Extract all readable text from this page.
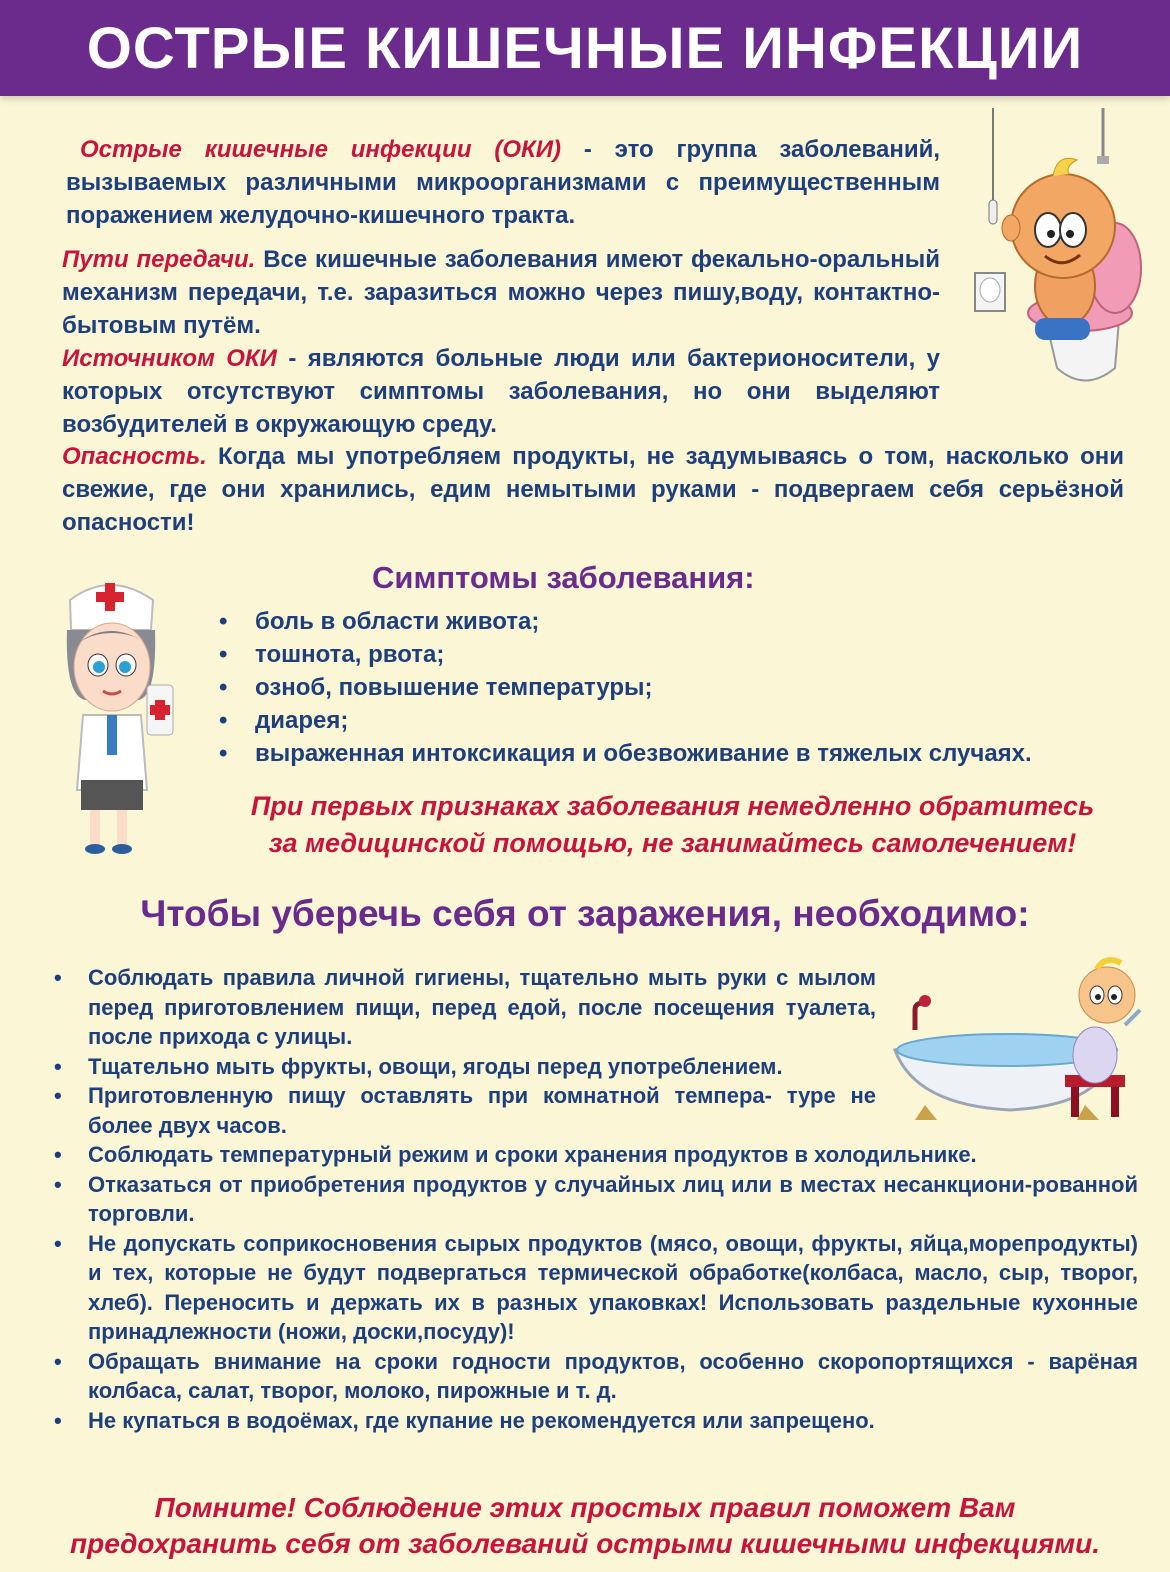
ОСТРЫЕ КИШЕЧНЫЕ ИНФЕКЦИИ

Острые кишечные инфекции (ОКИ) - это группа заболеваний, вызываемых различными микроорганизмами с преимущественным поражением желудочно-кишечного тракта.

Пути передачи. Все кишечные заболевания имеют фекально-оральный механизм передачи, т.е. заразиться можно через пишу,воду, контактно-бытовым путём.

Источником ОКИ - являются больные люди или бактерионосители, у которых отсутствуют симптомы заболевания, но они выделяют возбудителей в окружающую среду.

Опасность. Когда мы употребляем продукты, не задумываясь о том, насколько они свежие, где они хранились, едим немытыми руками - подвергаем себя серьёзной опасности!

Симптомы заболевания:
• боль в области живота;
• тошнота, рвота;
• озноб, повышение температуры;
• диарея;
• выраженная интоксикация и обезвоживание в тяжелых случаях.

При первых признаках заболевания немедленно обратитесь
за медицинской помощью, не занимайтесь самолечением!

Чтобы уберечь себя от заражения, необходимо:
• Соблюдать правила личной гигиены, тщательно мыть руки с мылом перед приготовлением пищи, перед едой, после посещения туалета, после прихода с улицы.
• Тщательно мыть фрукты, овощи, ягоды перед употреблением.
• Приготовленную пищу оставлять при комнатной темпера- туре не более двух часов.
• Соблюдать температурный режим и сроки хранения продуктов в холодильнике.
• Отказаться от приобретения продуктов у случайных лиц или в местах несанкциони-рованной торговли.
• Не допускать соприкосновения сырых продуктов (мясо, овощи, фрукты, яйца,морепродукты) и тех, которые не будут подвергаться термической обработке(колбаса, масло, сыр, творог, хлеб). Переносить и держать их в разных упаковках! Использовать раздельные кухонные принадлежности (ножи, доски,посуду)!
• Обращать внимание на сроки годности продуктов, особенно скоропортящихся - варёная колбаса, салат, творог, молоко, пирожные и т. д.
• Не купаться в водоёмах, где купание не рекомендуется или запрещено.

Помните! Соблюдение этих простых правил поможет Вам
предохранить себя от заболеваний острыми кишечными инфекциями.
